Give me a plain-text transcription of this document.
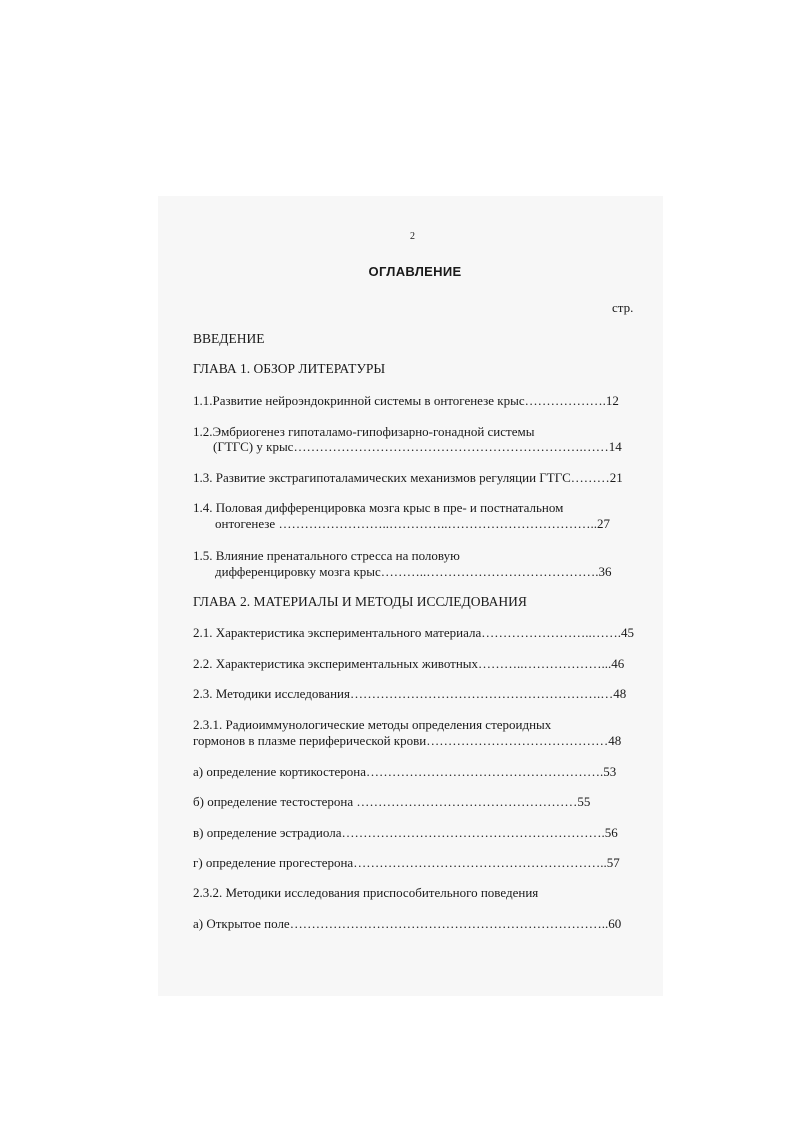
2
ОГЛАВЛЕНИЕ
стр.
ВВЕДЕНИЕ
ГЛАВА 1. ОБЗОР ЛИТЕРАТУРЫ
1.1.Развитие нейроэндокринной системы в онтогенезе крыс……………….12
1.2.Эмбриогенез гипоталамо-гипофизарно-гонадной системы
(ГТГС) у крыс………………………………………………………….……14
1.3. Развитие экстрагипоталамических механизмов регуляции ГТГС………21
1.4. Половая дифференцировка мозга крыс в пре- и постнатальном
онтогенезе ……………………..…………..……………………………..27
1.5. Влияние пренатального стресса на половую
дифференцировку мозга крыс………..………………………………….36
ГЛАВА 2. МАТЕРИАЛЫ И МЕТОДЫ ИССЛЕДОВАНИЯ
2.1. Характеристика экспериментального материала……………………..…….45
2.2. Характеристика экспериментальных животных………..………………...46
2.3. Методики исследования………………………………………………….…48
2.3.1. Радиоиммунологические методы определения стероидных
гормонов в плазме периферической крови……………………………………48
а) определение кортикостерона……………………………………………….53
б) определение тестостерона ……………………………………………55
в) определение эстрадиола…………………………………………………….56
г) определение прогестерона…………………………………………………..57
2.3.2. Методики исследования приспособительного поведения
а) Открытое поле………………………………………………………………..60
